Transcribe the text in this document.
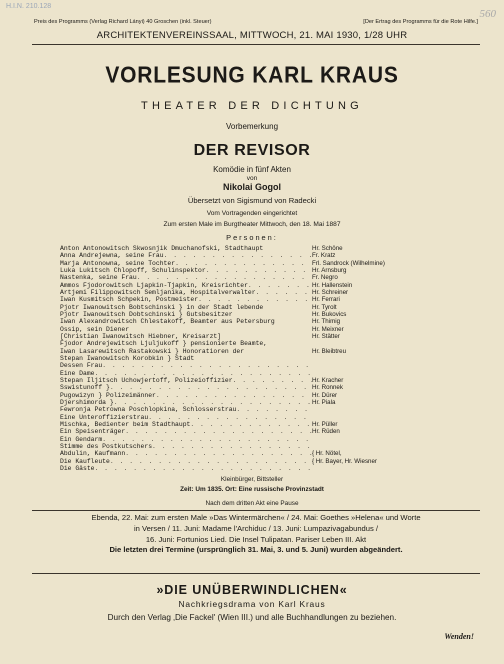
H.I.N. 210.128
560
Preis des Programms (Verlag Richard Lányi) 40 Groschen (inkl. Steuer)	[Der Ertrag des Programms für die Rote Hilfe.]
ARCHITEKTENVEREINSSAAL, MITTWOCH, 21. MAI 1930, 1/28 UHR
VORLESUNG KARL KRAUS
THEATER DER DICHTUNG
Vorbemerkung
DER REVISOR
Komödie in fünf Akten
von
Nikolai Gogol
Übersetzt von Sigismund von Radecki
Vom Vortragenden eingerichtet
Zum ersten Male im Burgtheater Mittwoch, den 18. Mai 1887
Personen:
Anton Antonowitsch Skwosnjik Dmuchanofski, Stadthaupt	Hr. Schöne
Anna Andrejewna, seine Frau . . .	Fr. Kratz
Marja Antonowna, seine Tochter . . .	Frl. Sandrock (Wilhelmine)
Luka Lukitsch Chlopoff, Schulinspektor . . .	Hr. Arnsburg
Nastenka, seine Frau . . .	Fr. Negro
Ammos Fjodorowitsch Ljapkin-Tjapkin, Kreisrichter . . .	Hr. Hallenstein
Artjemi Filippowitsch Semljanika, Hospitalverwalter . . .	Hr. Schreiner
Iwan Kusmitsch Schpekin, Postmeister . . .	Hr. Ferrari
Pjotr Iwanowitsch Bobtschinski } in der Stadt lebende	Hr. Tyrolt
Pjotr Iwanowitsch Dobtschinski } Gutsbesitzer	Hr. Bukovics
Iwan Alexandrowitsch Chlestakoff, Beamter aus Petersburg	Hr. Thimig
Ossip, sein Diener	Hr. Meixner
[Christian Iwanowitsch Hiebner, Kreisarzt]	Hr. Stätter
Fjodor Andrejewitsch Ljuljukoff } pensionierte Beamte,
Iwan Lasarewitsch Rastakowski } Honoratioren der	Hr. Bleibtreu
Stepan Iwanowitsch Korobkin } Stadt
Dessen Frau
. . .
Eine Dame
. . .
Stepan Iljitsch Uchowjertoff, Polizeioffizier . . .	Hr. Kracher
Sswistunoff } . . .	Hr. Ronnek
Pugowizyn } Polizeimänner . . .	Hr. Dürer
Djershimorda } . . .	Hr. Piala
Fewronja Petrowna Poschlopkina, Schlosserstrau
. . .
Eine Unteroffizierstrau
. . .
Mischka, Bedienter beim Stadthaupt . . .	Hr. Püller
Ein Speisenträger . . .	Hr. Rüden
Ein Gendarm
. . .
Stimme des Postkutschers
. . .
Abdulin, Kaufmann . . .	{ Hr. Nötel,
Die Kaufleute . . .	{ Hr. Bayer, Hr. Wiesner
Die Gäste
. . .
Kleinbürger, Bittsteller
Zeit: Um 1835. Ort: Eine russische Provinzstadt
Nach dem dritten Akt eine Pause
Ebenda, 22. Mai: zum ersten Male »Das Wintermärchen« / 24. Mai: Goethes »Helena« und Worte
in Versen / 11. Juni: Madame l'Archiduc / 13. Juni: Lumpazivagabundus /
16. Juni: Fortunios Lied. Die Insel Tulipatan. Pariser Leben III. Akt
Die letzten drei Termine (ursprünglich 31. Mai, 3. und 5. Juni) wurden abgeändert.
»DIE UNÜBERWINDLICHEN«
Nachkriegsdrama von Karl Kraus
Durch den Verlag ‚Die Fackel' (Wien III.) und alle Buchhandlungen zu beziehen.
Wenden!
